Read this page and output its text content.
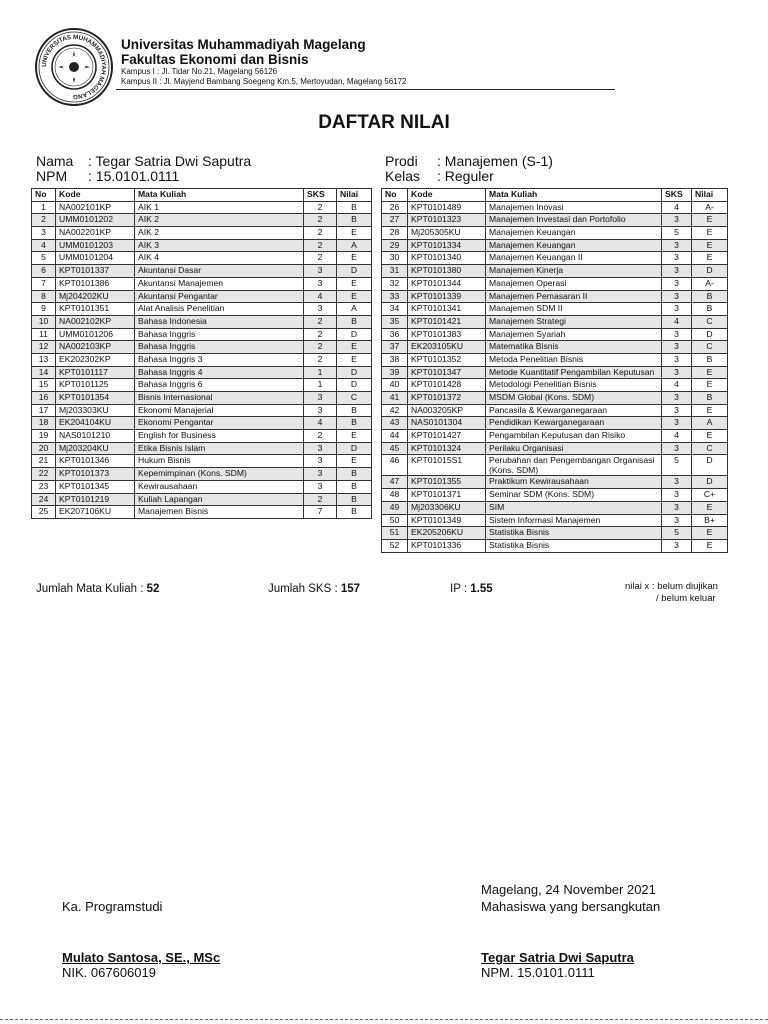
UNIVERSITAS MUHAMMADIYAH MAGELANG
Universitas Muhammadiyah Magelang
Fakultas Ekonomi dan Bisnis
Kampus I : Jl. Tidar No.21, Magelang 56126
Kampus II : Jl. Mayjend Bambang Soegeng Km.5, Mertoyudan, Magelang 56172
DAFTAR NILAI
Nama : Tegar Satria Dwi Saputra
NPM : 15.0101.0111
Prodi : Manajemen (S-1)
Kelas : Reguler
No	Kode	Mata Kuliah	SKS	Nilai
1	NA002101KP	AIK 1	2	B
2	UMM0101202	AIK 2	2	B
3	NA002201KP	AIK 2	2	E
4	UMM0101203	AIK 3	2	A
5	UMM0101204	AIK 4	2	E
6	KPT0101337	Akuntansi Dasar	3	D
7	KPT0101386	Akuntansi Manajemen	3	E
8	Mj204202KU	Akuntansi Pengantar	4	E
9	KPT0101351	Alat Analisis Penelitian	3	A
10	NA002102KP	Bahasa Indonesia	2	B
11	UMM0101206	Bahasa Inggris	2	D
12	NA002103KP	Bahasa Inggris	2	E
13	EK202302KP	Bahasa Inggris 3	2	E
14	KPT0101117	Bahasa Inggris 4	1	D
15	KPT0101125	Bahasa Inggris 6	1	D
16	KPT0101354	Bisnis Internasional	3	C
17	Mj203303KU	Ekonomi Manajerial	3	B
18	EK204104KU	Ekonomi Pengantar	4	B
19	NAS0101210	English for Business	2	E
20	Mj203204KU	Etika Bisnis Islam	3	D
21	KPT0101346	Hukum Bisnis	3	E
22	KPT0101373	Kepemimpinan (Kons. SDM)	3	B
23	KPT0101345	Kewirausahaan	3	B
24	KPT0101219	Kuliah Lapangan	2	B
25	EK207106KU	Manajemen Bisnis	7	B
No	Kode	Mata Kuliah	SKS	Nilai
26	KPT0101489	Manajemen Inovasi	4	A-
27	KPT0101323	Manajemen Investasi dan Portofolio	3	E
28	Mj205305KU	Manajemen Keuangan	5	E
29	KPT0101334	Manajemen Keuangan	3	E
30	KPT0101340	Manajemen Keuangan II	3	E
31	KPT0101380	Manajemen Kinerja	3	D
32	KPT0101344	Manajemen Operasi	3	A-
33	KPT0101339	Manajemen Pemasaran II	3	B
34	KPT0101341	Manajemen SDM II	3	B
35	KPT0101421	Manajemen Strategi	4	C
36	KPT0101383	Manajemen Syariah	3	D
37	EK203105KU	Matematika Bisnis	3	C
38	KPT0101352	Metoda Penelitian Bisnis	3	B
39	KPT0101347	Metode Kuantitatif Pengambilan Keputusan	3	E
40	KPT0101428	Metodologi Penelitian Bisnis	4	E
41	KPT0101372	MSDM Global (Kons. SDM)	3	B
42	NA003205KP	Pancasila & Kewarganegaraan	3	E
43	NAS0101304	Pendidikan Kewarganegaraan	3	A
44	KPT0101427	Pengambilan Keputusan dan Risiko	4	E
45	KPT0101324	Perilaku Organisasi	3	C
46	KPT01015S1	Perubahan dan Pengembangan Organisasi (Kons. SDM)	5	D
47	KPT0101355	Praktikum Kewirausahaan	3	D
48	KPT0101371	Seminar SDM (Kons. SDM)	3	C+
49	Mj203306KU	SIM	3	E
50	KPT0101349	Sistem Informasi Manajemen	3	B+
51	EK205206KU	Statistika Bisnis	5	E
52	KPT0101336	Statistika Bisnis	3	E
Jumlah Mata Kuliah : 52	Jumlah SKS : 157	IP : 1.55	nilai x : belum diujikan
/ belum keluar
Magelang, 24 November 2021
Ka. Programstudi	Mahasiswa yang bersangkutan
Mulato Santosa, SE., MSc
NIK. 067606019
Tegar Satria Dwi Saputra
NPM. 15.0101.0111
